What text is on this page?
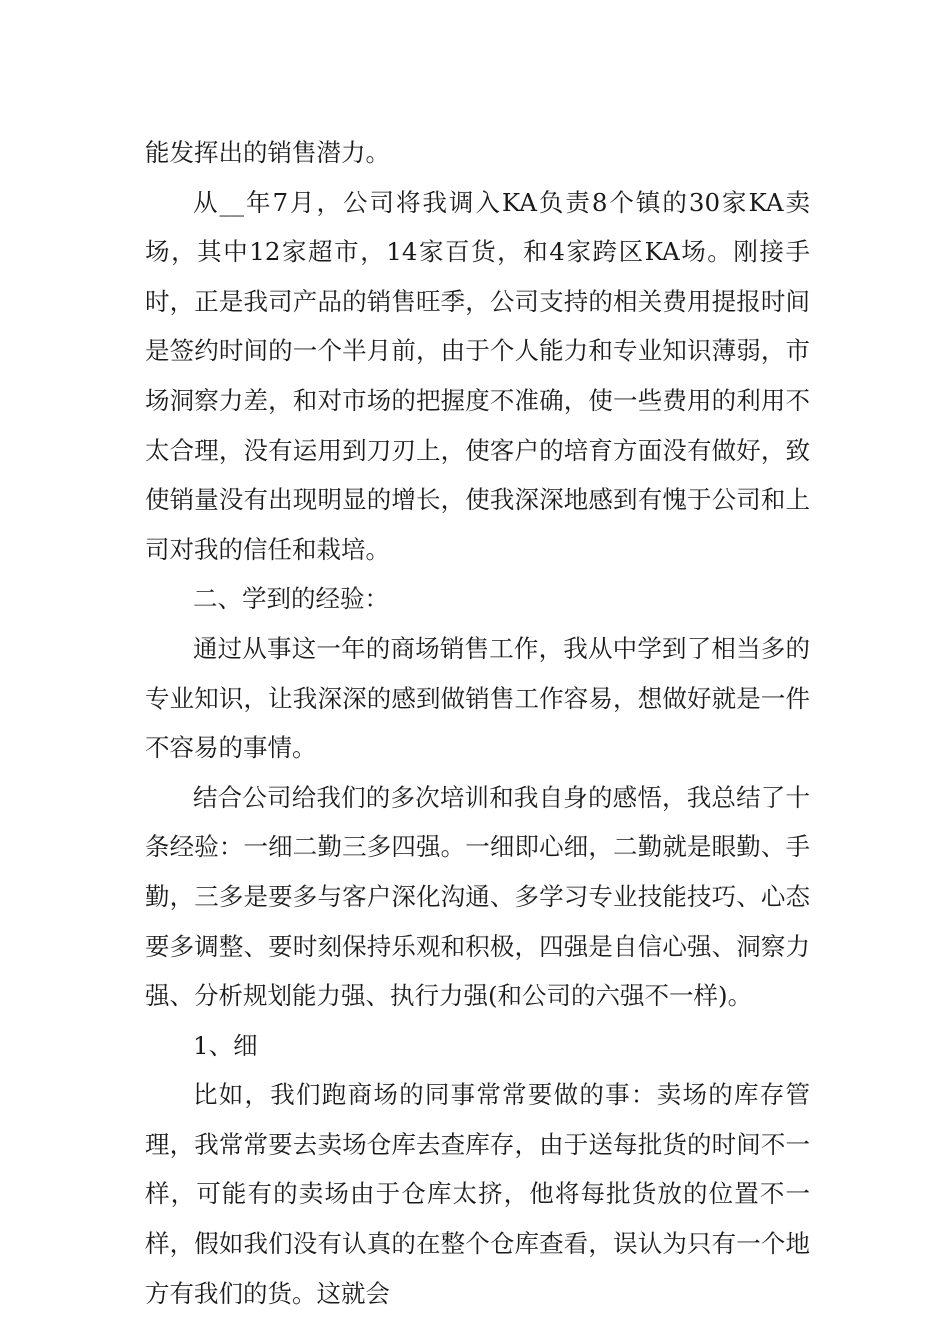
能发挥出的销售潜力。

从__年7月，公司将我调入KA负责8个镇的30家KA卖场，其中12家超市，14家百货，和4家跨区KA场。刚接手时，正是我司产品的销售旺季，公司支持的相关费用提报时间是签约时间的一个半月前，由于个人能力和专业知识薄弱，市场洞察力差，和对市场的把握度不准确，使一些费用的利用不太合理，没有运用到刀刃上，使客户的培育方面没有做好，致使销量没有出现明显的增长，使我深深地感到有愧于公司和上司对我的信任和栽培。

二、学到的经验：

通过从事这一年的商场销售工作，我从中学到了相当多的专业知识，让我深深的感到做销售工作容易，想做好就是一件不容易的事情。

结合公司给我们的多次培训和我自身的感悟，我总结了十条经验：一细二勤三多四强。一细即心细，二勤就是眼勤、手勤，三多是要多与客户深化沟通、多学习专业技能技巧、心态要多调整、要时刻保持乐观和积极，四强是自信心强、洞察力强、分析规划能力强、执行力强(和公司的六强不一样)。

1、细

比如，我们跑商场的同事常常要做的事：卖场的库存管理，我常常要去卖场仓库去查库存，由于送每批货的时间不一样，可能有的卖场由于仓库太挤，他将每批货放的位置不一样，假如我们没有认真的在整个仓库查看，误认为只有一个地方有我们的货。这就会
